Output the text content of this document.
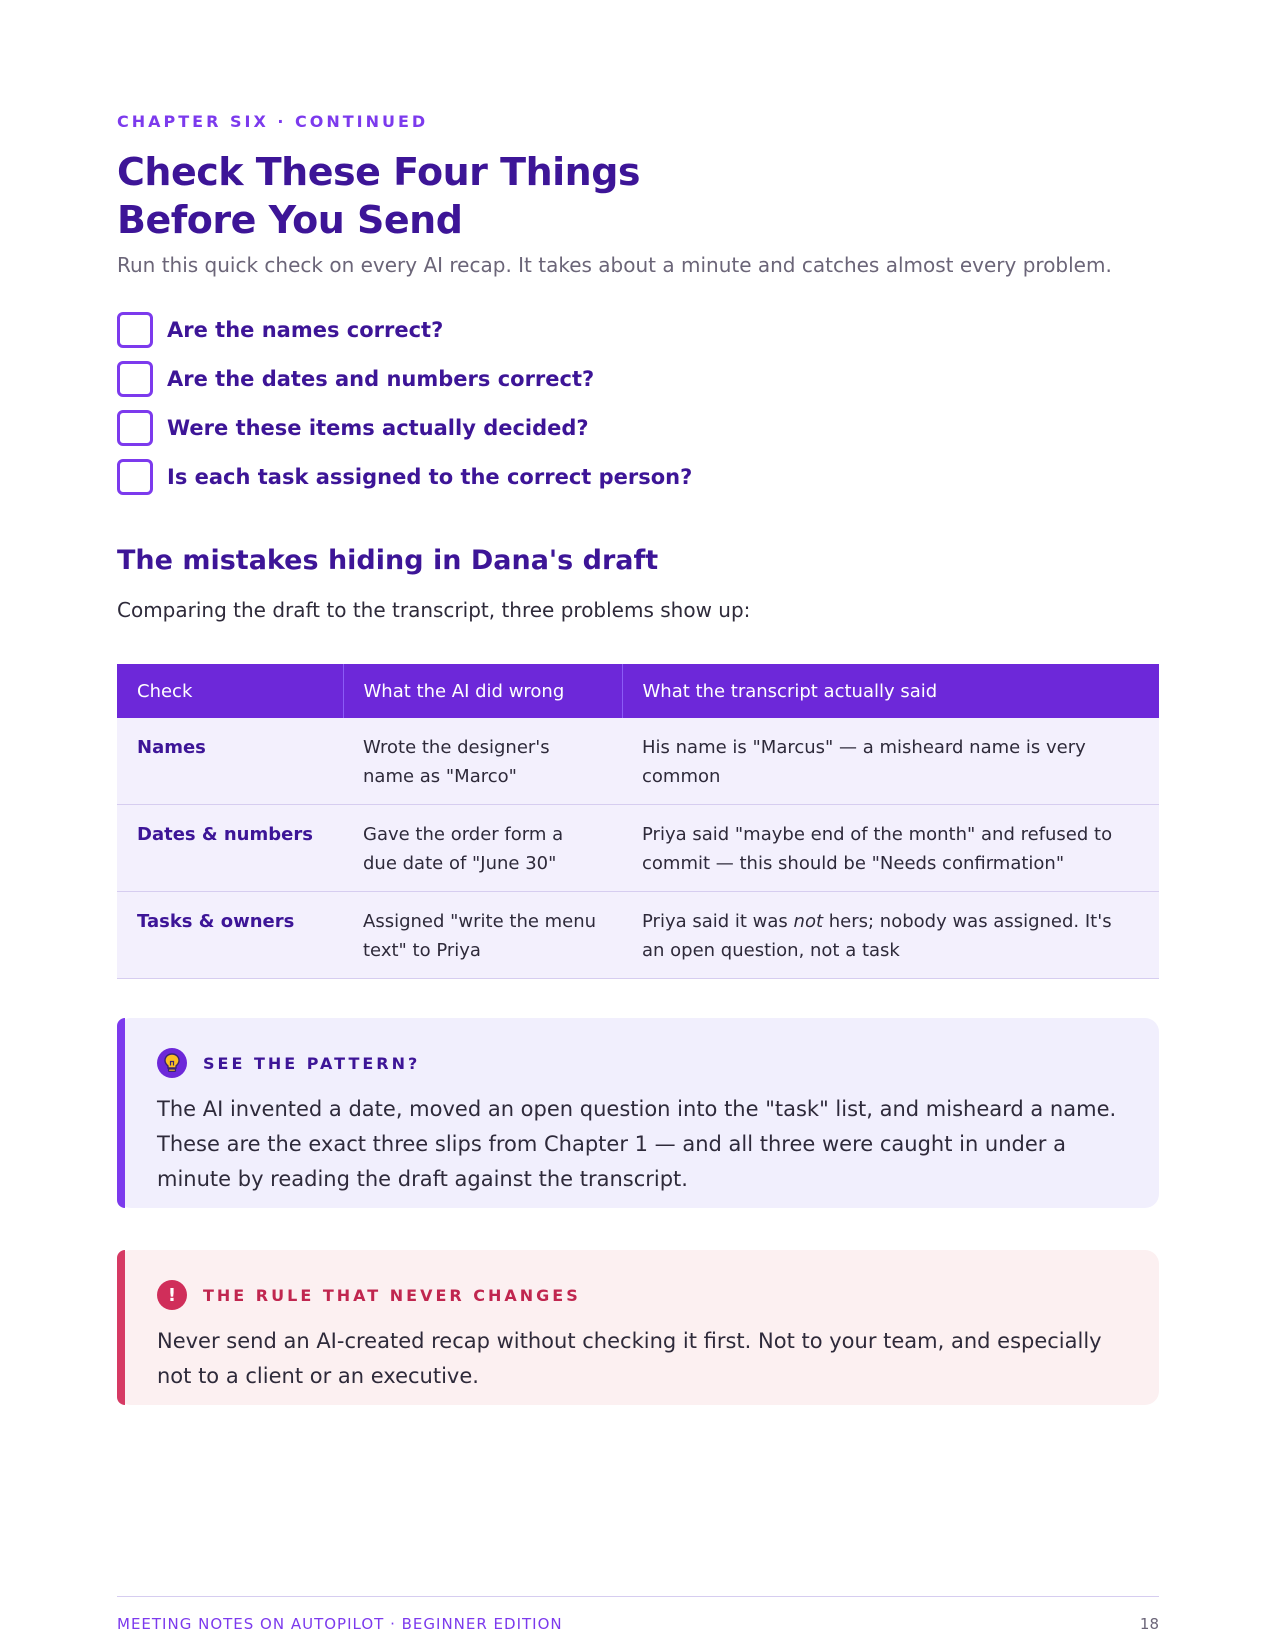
CHAPTER SIX · CONTINUED
Check These Four Things
Before You Send

Run this quick check on every AI recap. It takes about a minute and catches almost every problem.

Are the names correct?
Are the dates and numbers correct?
Were these items actually decided?
Is each task assigned to the correct person?
The mistakes hiding in Dana's draft

Comparing the draft to the transcript, three problems show up:

Check	What the AI did wrong	What the transcript actually said
Names	Wrote the designer's name as "Marco"	His name is "Marcus" — a misheard name is very common
Dates & numbers	Gave the order form a due date of "June 30"	Priya said "maybe end of the month" and refused to commit — this should be "Needs confirmation"
Tasks & owners	Assigned "write the menu text" to Priya	Priya said it was not hers; nobody was assigned. It's an open question, not a task
SEE THE PATTERN?

The AI invented a date, moved an open question into the "task" list, and misheard a name. These are the exact three slips from Chapter 1 — and all three were caught in under a minute by reading the draft against the transcript.

!	THE RULE THAT NEVER CHANGES

Never send an AI-created recap without checking it first. Not to your team, and especially not to a client or an executive.

MEETING NOTES ON AUTOPILOT · BEGINNER EDITION	18
